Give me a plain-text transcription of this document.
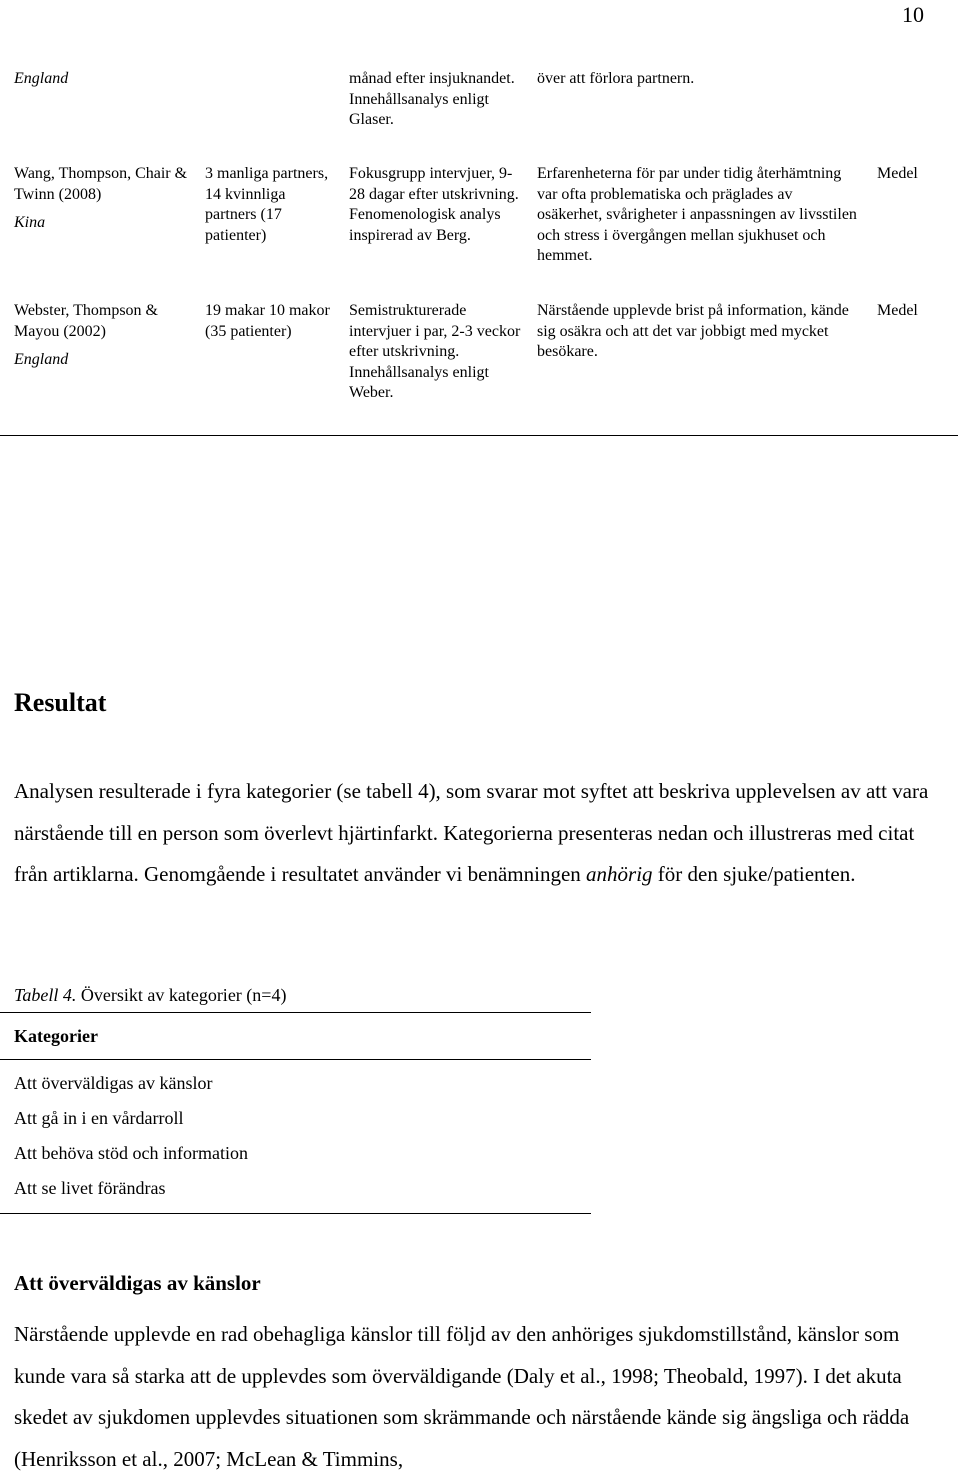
10
England	månad efter insjuknandet. Innehållsanalys enligt Glaser.
över att förlora partnern.
Wang, Thompson, Chair & Twinn (2008)
Kina
3 manliga partners, 14 kvinnliga partners (17 patienter)
Fokusgrupp intervjuer, 9-28 dagar efter utskrivning. Fenomenologisk analys inspirerad av Berg.
Erfarenheterna för par under tidig återhämtning var ofta problematiska och präglades av osäkerhet, svårigheter i anpassningen av livsstilen och stress i övergången mellan sjukhuset och hemmet.
Medel
Webster, Thompson & Mayou (2002)
England
19 makar 10 makor (35 patienter)
Semistrukturerade intervjuer i par, 2-3 veckor efter utskrivning. Innehållsanalys enligt Weber.
Närstående upplevde brist på information, kände sig osäkra och att det var jobbigt med mycket besökare.
Medel
Resultat

Analysen resulterade i fyra kategorier (se tabell 4), som svarar mot syftet att beskriva upplevelsen av att vara närstående till en person som överlevt hjärtinfarkt. Kategorierna presenteras nedan och illustreras med citat från artiklarna. Genomgående i resultatet använder vi benämningen anhörig för den sjuke/patienten.

Tabell 4. Översikt av kategorier (n=4)
Kategorier
Att överväldigas av känslor
Att gå in i en vårdarroll
Att behöva stöd och information
Att se livet förändras
Att överväldigas av känslor

Närstående upplevde en rad obehagliga känslor till följd av den anhöriges sjukdomstillstånd, känslor som kunde vara så starka att de upplevdes som överväldigande (Daly et al., 1998; Theobald, 1997). I det akuta skedet av sjukdomen upplevdes situationen som skrämmande och närstående kände sig ängsliga och rädda (Henriksson et al., 2007; McLean & Timmins,
